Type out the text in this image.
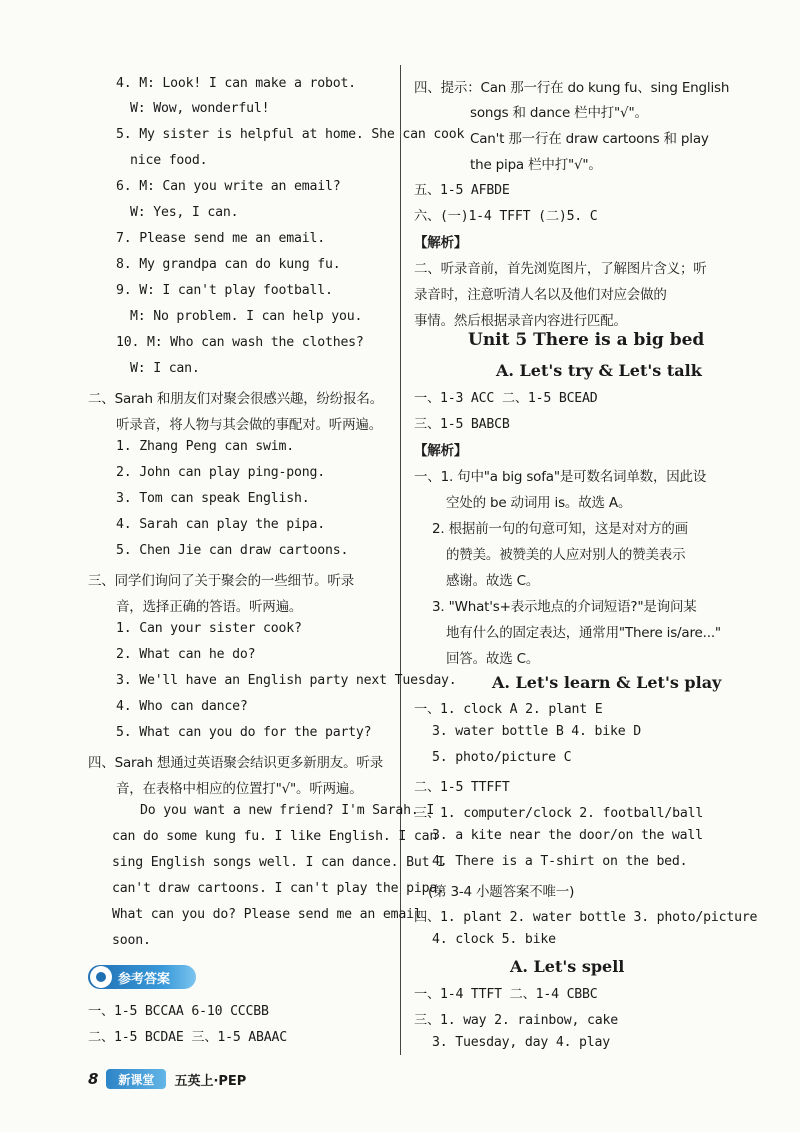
4. M: Look! I can make a robot.
W: Wow, wonderful!
5. My sister is helpful at home. She can cook
nice food.
6. M: Can you write an email?
W: Yes, I can.
7. Please send me an email.
8. My grandpa can do kung fu.
9. W: I can't play football.
M: No problem. I can help you.
10. M: Who can wash the clothes?
W: I can.
二、Sarah 和朋友们对聚会很感兴趣，纷纷报名。
听录音，将人物与其会做的事配对。听两遍。
1. Zhang Peng can swim.
2. John can play ping-pong.
3. Tom can speak English.
4. Sarah can play the pipa.
5. Chen Jie can draw cartoons.
三、同学们询问了关于聚会的一些细节。听录
音，选择正确的答语。听两遍。
1. Can your sister cook?
2. What can he do?
3. We'll have an English party next Tuesday.
4. Who can dance?
5. What can you do for the party?
四、Sarah 想通过英语聚会结识更多新朋友。听录
音，在表格中相应的位置打"√"。听两遍。
Do you want a new friend? I'm Sarah. I
can do some kung fu. I like English. I can
sing English songs well. I can dance. But I
can't draw cartoons. I can't play the pipa.
What can you do? Please send me an email
soon.
参考答案
一、1-5 BCCAA 6-10 CCCBB
二、1-5 BCDAE 三、1-5 ABAAC
四、提示：Can 那一行在 do kung fu、sing English
songs 和 dance 栏中打"√"。
Can't 那一行在 draw cartoons 和 play
the pipa 栏中打"√"。
五、1-5 AFBDE
六、(一)1-4 TFFT (二)5. C
【解析】
二、听录音前，首先浏览图片，了解图片含义；听
录音时，注意听清人名以及他们对应会做的
事情。然后根据录音内容进行匹配。
Unit 5 There is a big bed
A. Let's try & Let's talk
一、1-3 ACC 二、1-5 BCEAD
三、1-5 BABCB
【解析】
一、1. 句中"a big sofa"是可数名词单数，因此设
空处的 be 动词用 is。故选 A。
2. 根据前一句的句意可知，这是对对方的画
的赞美。被赞美的人应对别人的赞美表示
感谢。故选 C。
3. "What's+表示地点的介词短语?"是询问某
地有什么的固定表达，通常用"There is/are..."
回答。故选 C。
A. Let's learn & Let's play
一、1. clock A 2. plant E
3. water bottle B 4. bike D
5. photo/picture C
二、1-5 TTFFT
三、1. computer/clock 2. football/ball
3. a kite near the door/on the wall
4. There is a T-shirt on the bed.
(第 3-4 小题答案不唯一)
四、1. plant 2. water bottle 3. photo/picture
4. clock 5. bike
A. Let's spell
一、1-4 TTFT 二、1-4 CBBC
三、1. way 2. rainbow, cake
3. Tuesday, day 4. play
8	新课堂	五英上·PEP
